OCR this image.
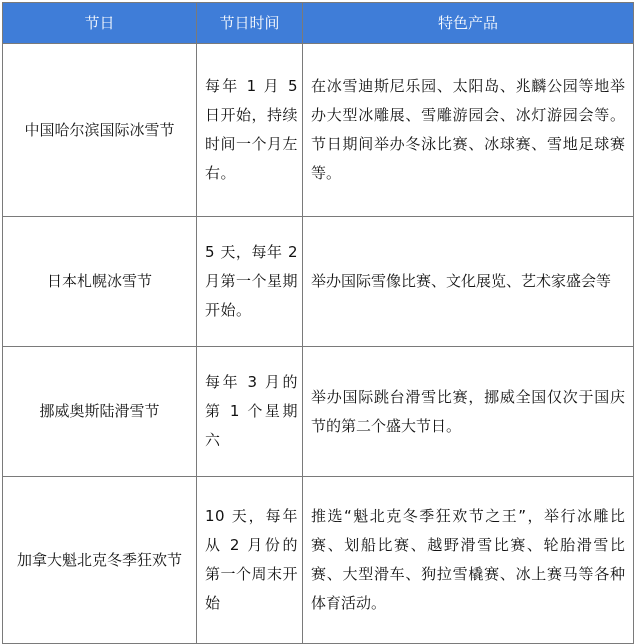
节日	节日时间	特色产品
中国哈尔滨国际冰雪节	每年 1 月 5 日开始，持续时间一个月左右。	在冰雪迪斯尼乐园、太阳岛、兆麟公园等地举办大型冰雕展、雪雕游园会、冰灯游园会等。节日期间举办冬泳比赛、冰球赛、雪地足球赛等。
日本札幌冰雪节	5 天，每年 2 月第一个星期开始。	举办国际雪像比赛、文化展览、艺术家盛会等
挪威奥斯陆滑雪节	每年 3 月的第 1 个星期六	举办国际跳台滑雪比赛，挪威全国仅次于国庆节的第二个盛大节日。
加拿大魁北克冬季狂欢节	10 天，每年从 2 月份的第一个周末开始	推选“魁北克冬季狂欢节之王”，举行冰雕比赛、划船比赛、越野滑雪比赛、轮胎滑雪比赛、大型滑车、狗拉雪橇赛、冰上赛马等各种体育活动。
